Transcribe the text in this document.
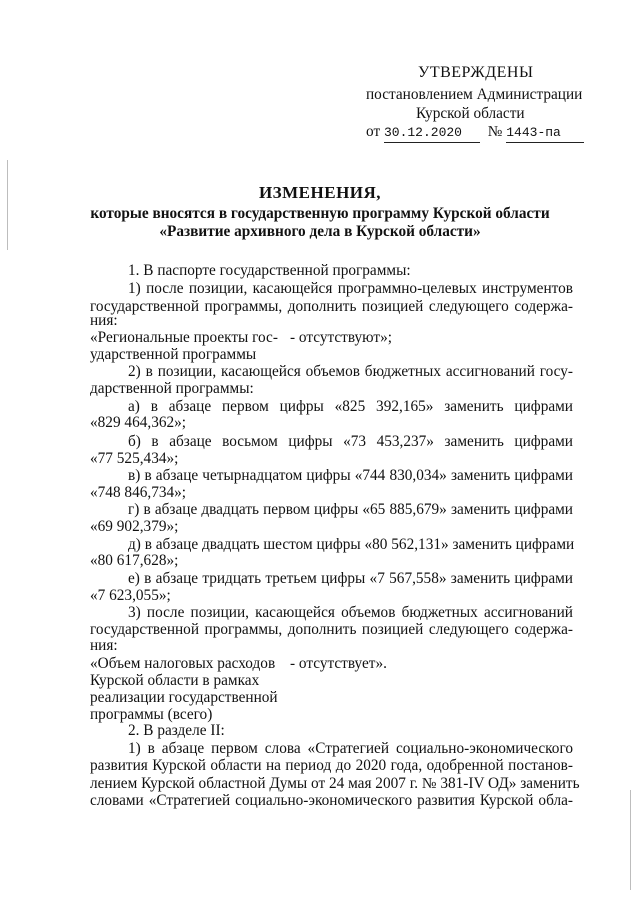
УТВЕРЖДЕНЫ
постановлением Администрации
Курской области
от 30.12.2020 № 1443-па
ИЗМЕНЕНИЯ,
которые вносятся в государственную программу Курской области
«Развитие архивного дела в Курской области»
1. В паспорте государственной программы:
1) после позиции, касающейся программно-целевых инструментов
государственной программы, дополнить позицией следующего содержа-
ния:
«Региональные проекты гос- - отсутствуют»;
ударственной программы
2) в позиции, касающейся объемов бюджетных ассигнований госу-
дарственной программы:
а) в абзаце первом цифры «825 392,165» заменить цифрами
«829 464,362»;
б) в абзаце восьмом цифры «73 453,237» заменить цифрами
«77 525,434»;
в) в абзаце четырнадцатом цифры «744 830,034» заменить цифрами
«748 846,734»;
г) в абзаце двадцать первом цифры «65 885,679» заменить цифрами
«69 902,379»;
д) в абзаце двадцать шестом цифры «80 562,131» заменить цифрами
«80 617,628»;
е) в абзаце тридцать третьем цифры «7 567,558» заменить цифрами
«7 623,055»;
3) после позиции, касающейся объемов бюджетных ассигнований
государственной программы, дополнить позицией следующего содержа-
ния:
«Объем налоговых расходов - отсутствует».
Курской области в рамках
реализации государственной
программы (всего)
2. В разделе II:
1) в абзаце первом слова «Стратегией социально-экономического
развития Курской области на период до 2020 года, одобренной постанов-
лением Курской областной Думы от 24 мая 2007 г. № 381-IV ОД» заменить
словами «Стратегией социально-экономического развития Курской обла-
